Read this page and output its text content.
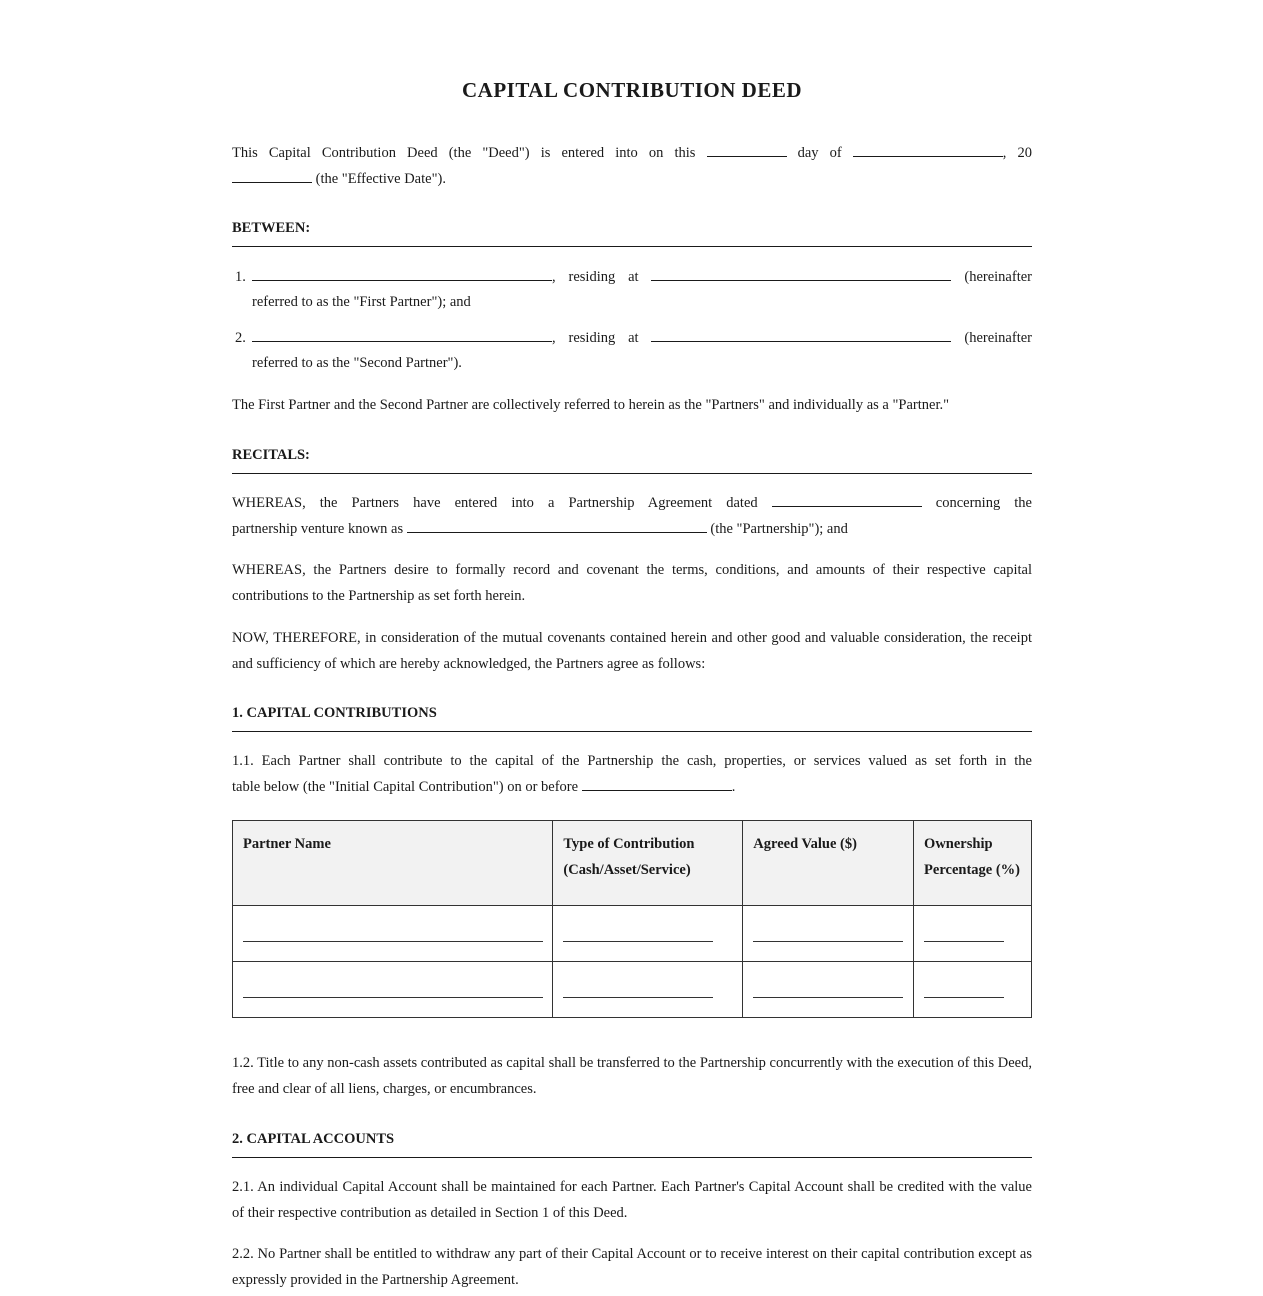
CAPITAL CONTRIBUTION DEED
This Capital Contribution Deed (the "Deed") is entered into on this	day of	, 20
(the "Effective Date").
BETWEEN:
1.	, residing at	(hereinafter
referred to as the "First Partner"); and
2.	, residing at	(hereinafter
referred to as the "Second Partner").
The First Partner and the Second Partner are collectively referred to herein as the "Partners" and individually as a "Partner."
RECITALS:
WHEREAS, the Partners have entered into a Partnership Agreement dated	concerning the
partnership venture known as	(the "Partnership"); and
WHEREAS, the Partners desire to formally record and covenant the terms, conditions, and amounts of their respective capital contributions to the Partnership as set forth herein.
NOW, THEREFORE, in consideration of the mutual covenants contained herein and other good and valuable consideration, the receipt and sufficiency of which are hereby acknowledged, the Partners agree as follows:
1. CAPITAL CONTRIBUTIONS
1.1. Each Partner shall contribute to the capital of the Partnership the cash, properties, or services valued as set forth in the
table below (the "Initial Capital Contribution") on or before	.
Partner Name	Type of Contribution (Cash/Asset/Service)	Agreed Value ($)	Ownership Percentage (%)

1.2. Title to any non-cash assets contributed as capital shall be transferred to the Partnership concurrently with the execution of this Deed, free and clear of all liens, charges, or encumbrances.
2. CAPITAL ACCOUNTS
2.1. An individual Capital Account shall be maintained for each Partner. Each Partner's Capital Account shall be credited with the value of their respective contribution as detailed in Section 1 of this Deed.
2.2. No Partner shall be entitled to withdraw any part of their Capital Account or to receive interest on their capital contribution except as expressly provided in the Partnership Agreement.
